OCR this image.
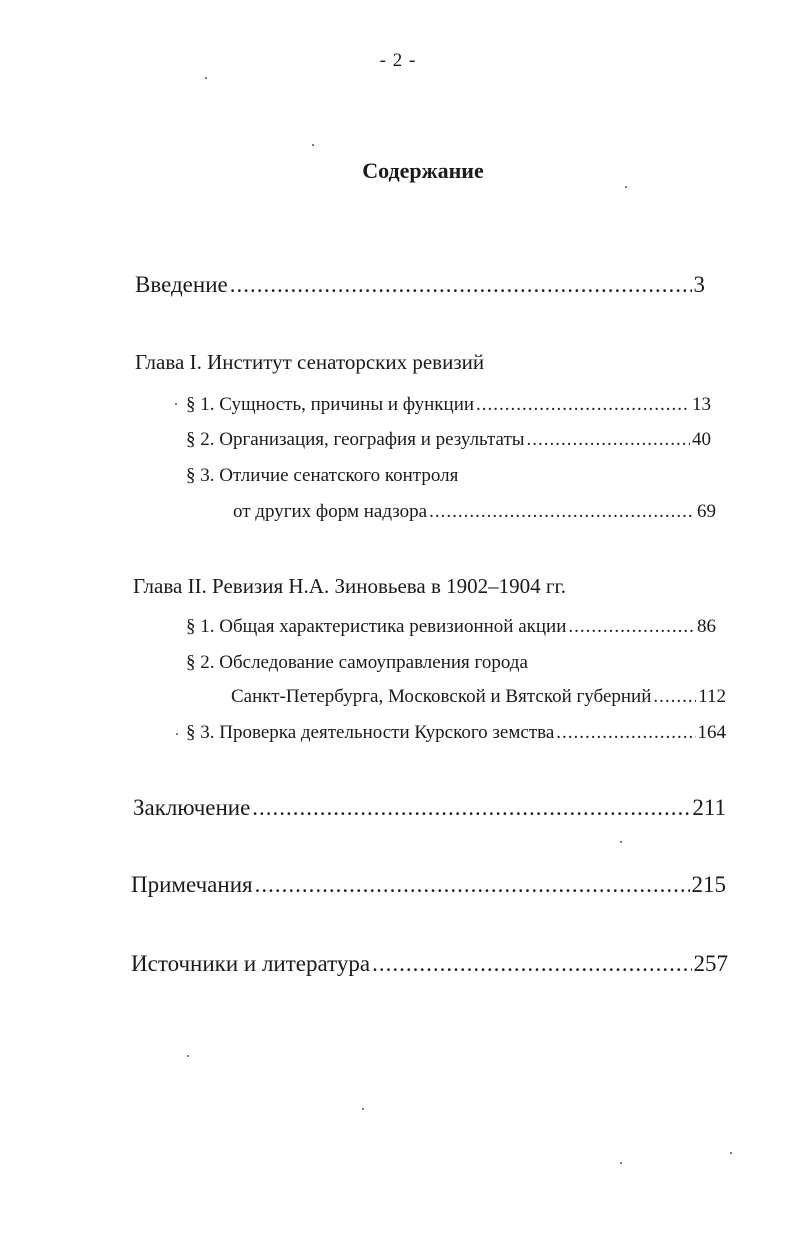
- 2 -
Содержание
Введение .....	3
Глава I. Институт сенаторских ревизий
§ 1. Сущность, причины и функции .....	13
§ 2. Организация, география и результаты .....	40
§ 3. Отличие сенатского контроля
от других форм надзора .....	69
Глава II. Ревизия Н.А. Зиновьева в 1902–1904 гг.
§ 1. Общая характеристика ревизионной акции .....	86
§ 2. Обследование самоуправления города
Санкт-Петербурга, Московской и Вятской губерний ..... 112
§ 3. Проверка деятельности Курского земства .....	164
Заключение .....	211
Примечания .....	215
Источники и литература .....	257
